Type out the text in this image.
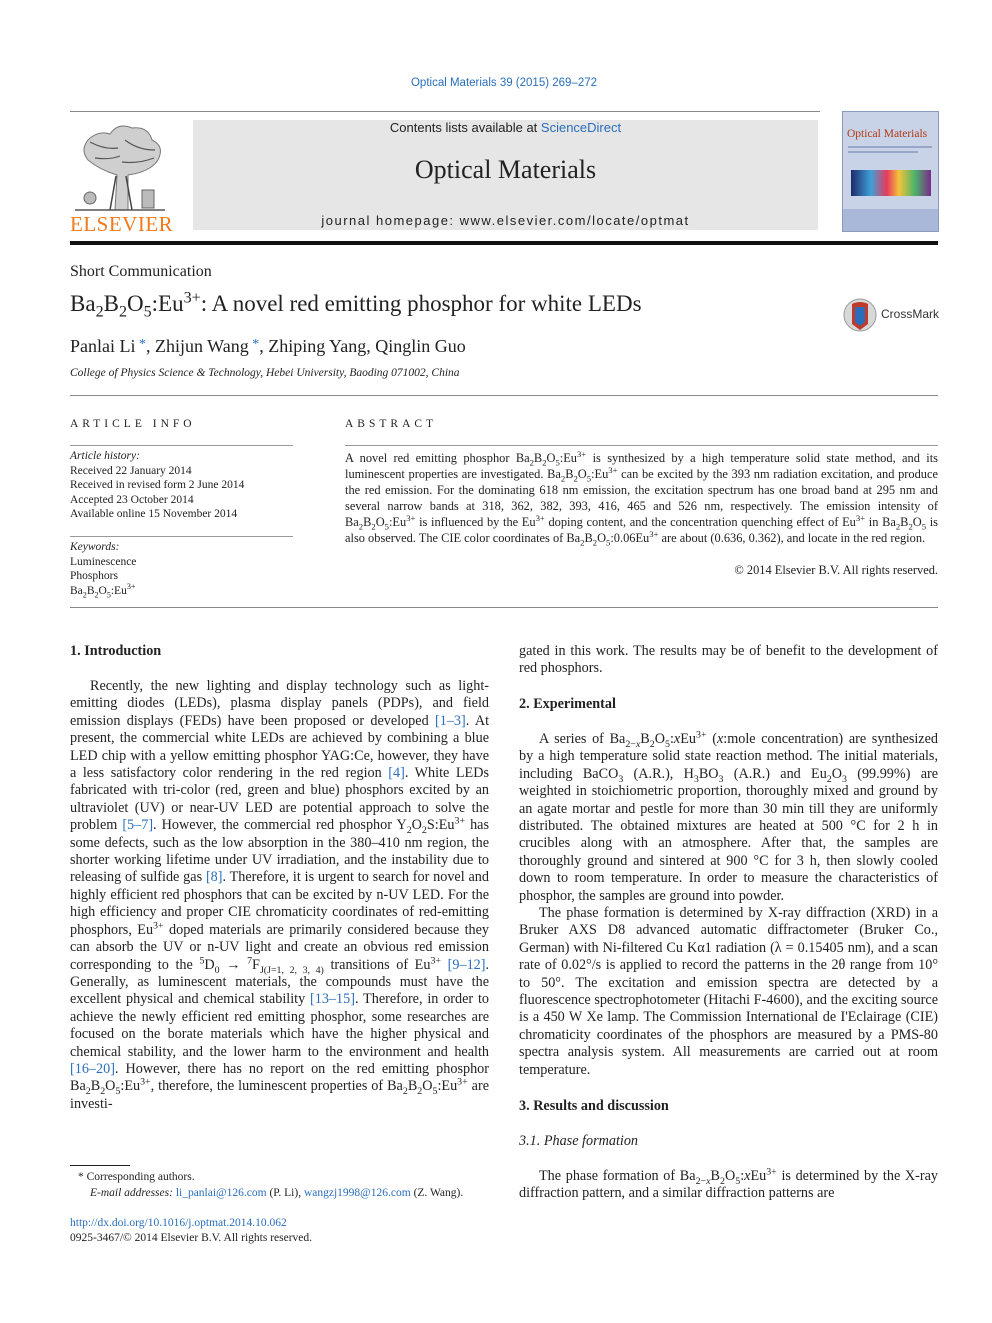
Optical Materials 39 (2015) 269–272
ELSEVIER
Contents lists available at ScienceDirect
Optical Materials
journal homepage: www.elsevier.com/locate/optmat
Optical Materials
Short Communication
$Ba_2B_2O_5:Eu^{3+}$: A novel red emitting phosphor for white LEDs	CrossMark
Panlai Li *, Zhijun Wang *, Zhiping Yang, Qinglin Guo
College of Physics Science & Technology, Hebei University, Baoding 071002, China
ARTICLE INFO
Article history:
Received 22 January 2014
Received in revised form 2 June 2014
Accepted 23 October 2014
Available online 15 November 2014
Keywords:
Luminescence
Phosphors
$Ba_2B_2O_5:Eu^{3+}$
ABSTRACT
A novel red emitting phosphor $Ba_2B_2O_5:Eu^{3+}$ is synthesized by a high temperature solid state method, and its luminescent properties are investigated. $Ba_2B_2O_5:Eu^{3+}$ can be excited by the 393 nm radiation excitation, and produce the red emission. For the dominating 618 nm emission, the excitation spectrum has one broad band at 295 nm and several narrow bands at 318, 362, 382, 393, 416, 465 and 526 nm, respectively. The emission intensity of $Ba_2B_2O_5:Eu^{3+}$ is influenced by the $Eu^{3+}$ doping content, and the concentration quenching effect of $Eu^{3+}$ in $Ba_2B_2O_5$ is also observed. The CIE color coordinates of $Ba_2B_2O_5:0.06Eu^{3+}$ are about (0.636, 0.362), and locate in the red region.
© 2014 Elsevier B.V. All rights reserved.
1. Introduction
Recently, the new lighting and display technology such as light-emitting diodes (LEDs), plasma display panels (PDPs), and field emission displays (FEDs) have been proposed or developed [1–3]. At present, the commercial white LEDs are achieved by combining a blue LED chip with a yellow emitting phosphor YAG:Ce, however, they have a less satisfactory color rendering in the red region [4]. White LEDs fabricated with tri-color (red, green and blue) phosphors excited by an ultraviolet (UV) or near-UV LED are potential approach to solve the problem [5–7]. However, the commercial red phosphor $Y_2O_2S:Eu^{3+}$ has some defects, such as the low absorption in the 380–410 nm region, the shorter working lifetime under UV irradiation, and the instability due to releasing of sulfide gas [8]. Therefore, it is urgent to search for novel and highly efficient red phosphors that can be excited by n-UV LED. For the high efficiency and proper CIE chromaticity coordinates of red-emitting phosphors, $Eu^{3+}$ doped materials are primarily considered because they can absorb the UV or n-UV light and create an obvious red emission corresponding to the $^5D_0 \to ^7F_{J(J=1, 2, 3, 4)}$ transitions of $Eu^{3+}$ [9–12]. Generally, as luminescent materials, the compounds must have the excellent physical and chemical stability [13–15]. Therefore, in order to achieve the newly efficient red emitting phosphor, some researches are focused on the borate materials which have the higher physical and chemical stability, and the lower harm to the environment and health [16–20]. However, there has no report on the red emitting phosphor $Ba_2B_2O_5:Eu^{3+}$, therefore, the luminescent properties of $Ba_2B_2O_5:Eu^{3+}$ are investi-
* Corresponding authors.
E-mail addresses: li_panlai@126.com (P. Li), wangzj1998@126.com (Z. Wang).
http://dx.doi.org/10.1016/j.optmat.2014.10.062
0925-3467/© 2014 Elsevier B.V. All rights reserved.
gated in this work. The results may be of benefit to the development of red phosphors.
2. Experimental
A series of $Ba_{2-x}B_2O_5:xEu^{3+}$ (x:mole concentration) are synthesized by a high temperature solid state reaction method. The initial materials, including BaCO$_3$ (A.R.), $H_3BO_3$ (A.R.) and $Eu_2O_3$ (99.99%) are weighted in stoichiometric proportion, thoroughly mixed and ground by an agate mortar and pestle for more than 30 min till they are uniformly distributed. The obtained mixtures are heated at 500 °C for 2 h in crucibles along with an atmosphere. After that, the samples are thoroughly ground and sintered at 900 °C for 3 h, then slowly cooled down to room temperature. In order to measure the characteristics of phosphor, the samples are ground into powder.
The phase formation is determined by X-ray diffraction (XRD) in a Bruker AXS D8 advanced automatic diffractometer (Bruker Co., German) with Ni-filtered Cu Kα1 radiation (λ = 0.15405 nm), and a scan rate of 0.02°/s is applied to record the patterns in the 2θ range from 10° to 50°. The excitation and emission spectra are detected by a fluorescence spectrophotometer (Hitachi F-4600), and the exciting source is a 450 W Xe lamp. The Commission International de I'Eclairage (CIE) chromaticity coordinates of the phosphors are measured by a PMS-80 spectra analysis system. All measurements are carried out at room temperature.
3. Results and discussion
3.1. Phase formation
The phase formation of $Ba_{2-x}B_2O_5:xEu^{3+}$ is determined by the X-ray diffraction pattern, and a similar diffraction patterns are
